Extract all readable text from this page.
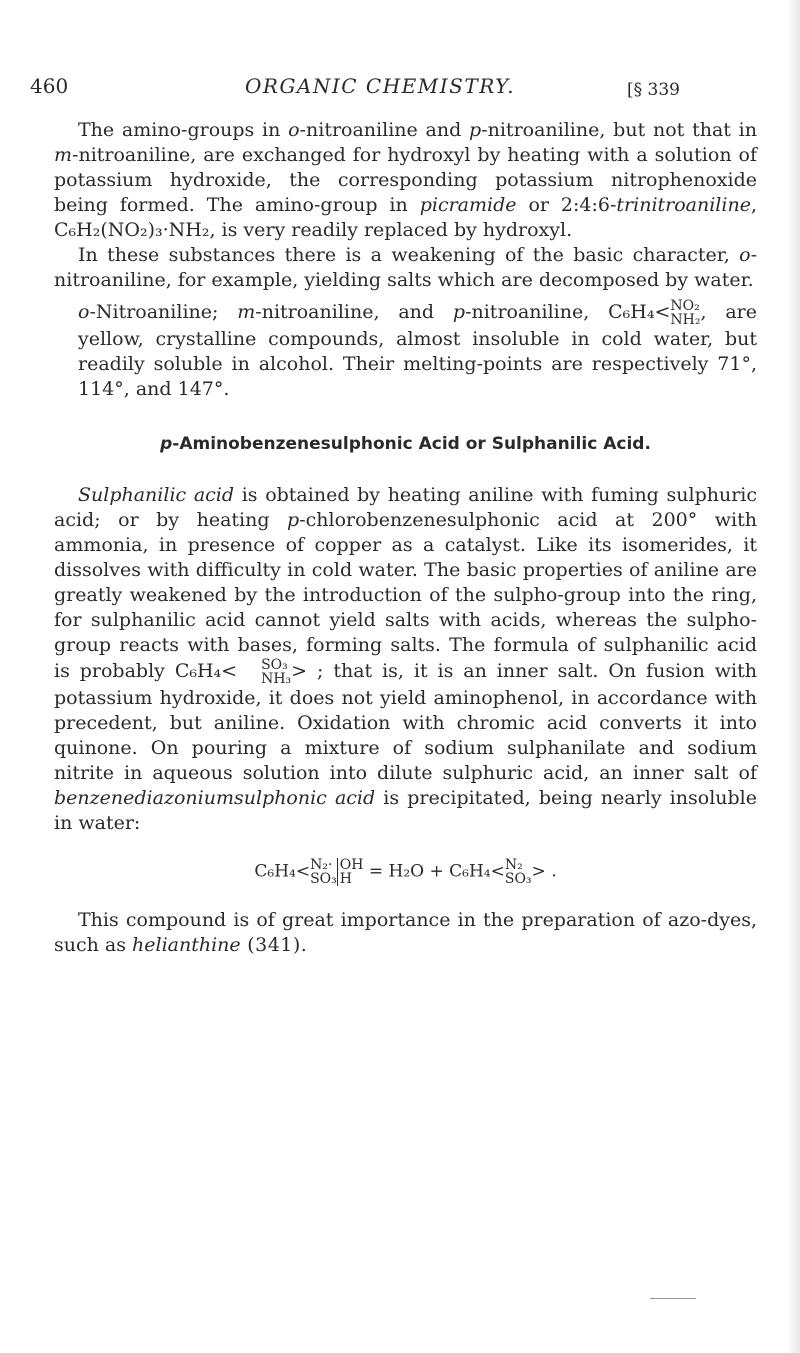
460	ORGANIC CHEMISTRY.	[§ 339

The amino-groups in o-nitroaniline and p-nitroaniline, but not that in m-nitroaniline, are exchanged for hydroxyl by heating with a solution of potassium hydroxide, the corresponding potassium nitrophenoxide being formed. The amino-group in picramide or 2:4:6-trinitroaniline, C₆H₂(NO₂)₃·NH₂, is very readily replaced by hydroxyl.

In these substances there is a weakening of the basic character, o-nitroaniline, for example, yielding salts which are decomposed by water.

o-Nitroaniline; m-nitroaniline, and p-nitroaniline, C₆H₄< NO₂
NH₂ , are yellow, crystalline compounds, almost insoluble in cold water, but readily soluble in alcohol. Their melting-points are respectively 71°, 114°, and 147°.

p-Aminobenzenesulphonic Acid or Sulphanilic Acid.

Sulphanilic acid is obtained by heating aniline with fuming sulphuric acid; or by heating p-chlorobenzenesulphonic acid at 200° with ammonia, in presence of copper as a catalyst. Like its isomerides, it dissolves with difficulty in cold water. The basic properties of aniline are greatly weakened by the introduction of the sulpho-group into the ring, for sulphanilic acid cannot yield salts with acids, whereas the sulpho-group reacts with bases, forming salts. The formula of sulphanilic acid is probably C₆H₄<	SO₃
NH₃ > ; that is, it is an inner salt. On fusion with potassium hydroxide, it does not yield aminophenol, in accordance with precedent, but aniline. Oxidation with chromic acid converts it into quinone. On pouring a mixture of sodium sulphanilate and sodium nitrite in aqueous solution into dilute sulphuric acid, an inner salt of benzenediazoniumsulphonic acid is precipitated, being nearly insoluble in water:

C₆H₄< N₂·
SO₃
OH
H = H₂O + C₆H₄< N₂
SO₃ > .

This compound is of great importance in the preparation of azo-dyes, such as helianthine (341).
